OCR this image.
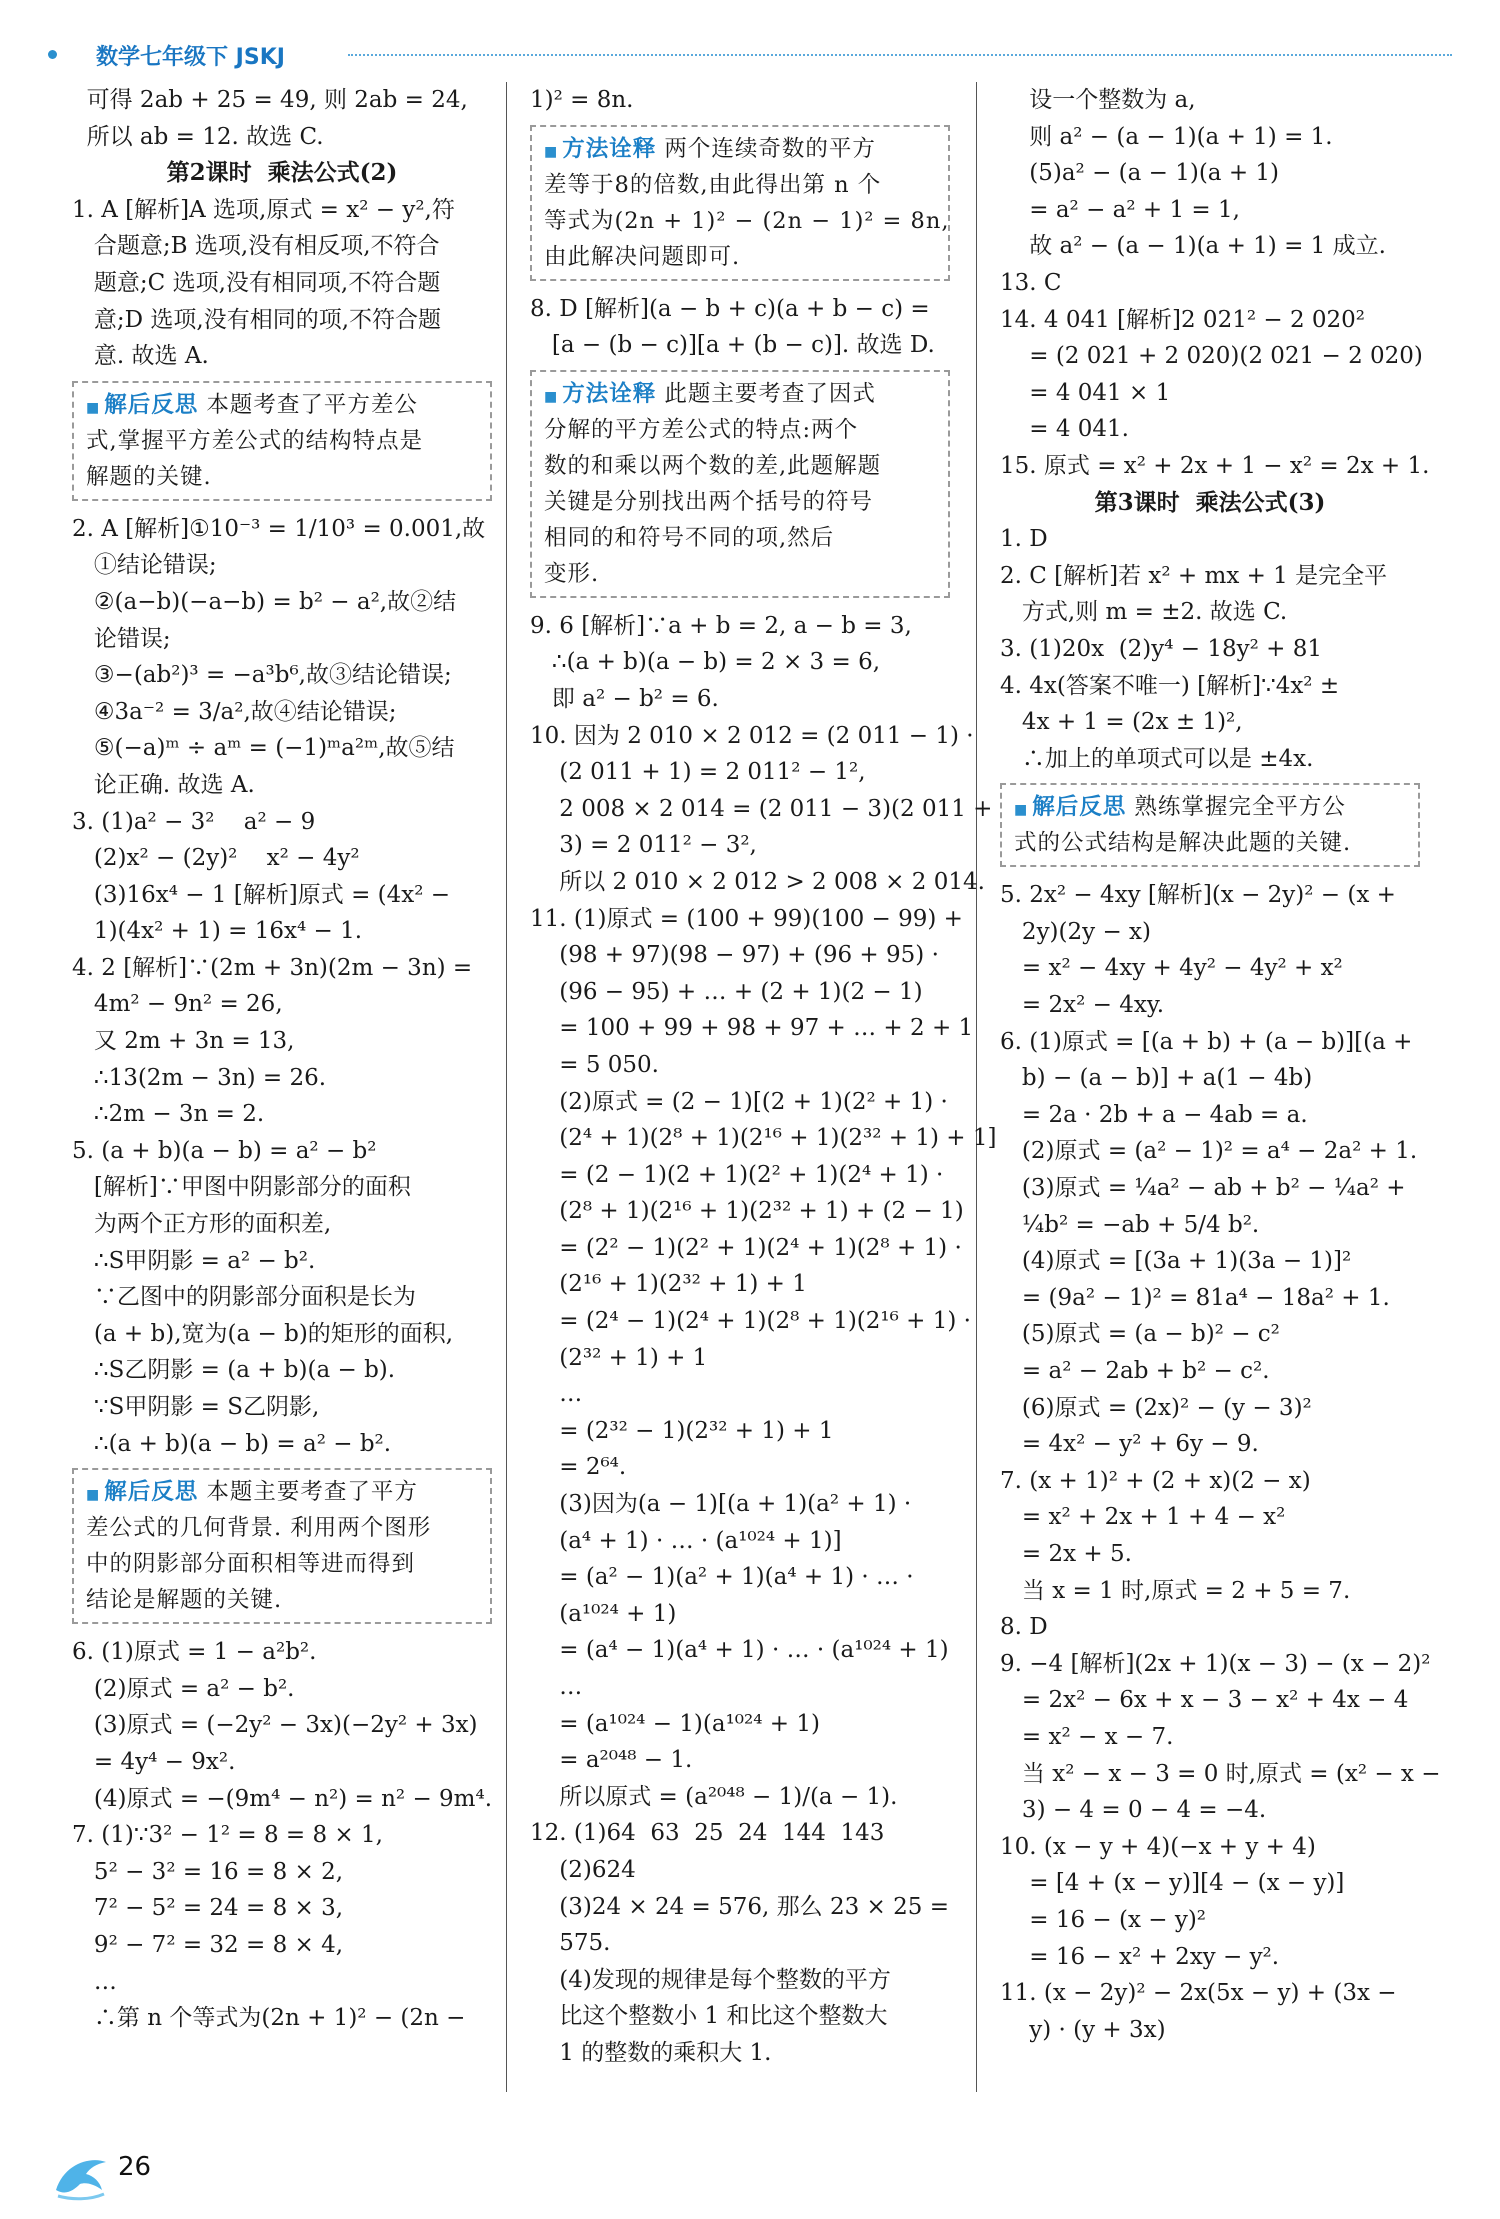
数学七年级下 JSKJ
可得 2ab + 25 = 49, 则 2ab = 24,
所以 ab = 12. 故选 C.
第2课时  乘法公式(2)
1. A [解析]A 选项,原式 = x² − y²,符
合题意;B 选项,没有相反项,不符合
题意;C 选项,没有相同项,不符合题
意;D 选项,没有相同的项,不符合题
意. 故选 A.
■ 解后反思 本题考查了平方差公
式,掌握平方差公式的结构特点是
解题的关键.
2. A [解析]①10⁻³ = 1/10³ = 0.001,故
①结论错误;
②(a−b)(−a−b) = b² − a²,故②结
论错误;
③−(ab²)³ = −a³b⁶,故③结论错误;
④3a⁻² = 3/a²,故④结论错误;
⑤(−a)ᵐ ÷ aᵐ = (−1)ᵐa²ᵐ,故⑤结
论正确. 故选 A.
3. (1)a² − 3²    a² − 9
(2)x² − (2y)²    x² − 4y²
(3)16x⁴ − 1 [解析]原式 = (4x² −
1)(4x² + 1) = 16x⁴ − 1.
4. 2 [解析]∵(2m + 3n)(2m − 3n) =
4m² − 9n² = 26,
又 2m + 3n = 13,
∴13(2m − 3n) = 26.
∴2m − 3n = 2.
5. (a + b)(a − b) = a² − b²
[解析]∵甲图中阴影部分的面积
为两个正方形的面积差,
∴S甲阴影 = a² − b².
∵乙图中的阴影部分面积是长为
(a + b),宽为(a − b)的矩形的面积,
∴S乙阴影 = (a + b)(a − b).
∵S甲阴影 = S乙阴影,
∴(a + b)(a − b) = a² − b².
■ 解后反思 本题主要考查了平方
差公式的几何背景. 利用两个图形
中的阴影部分面积相等进而得到
结论是解题的关键.
6. (1)原式 = 1 − a²b².
(2)原式 = a² − b².
(3)原式 = (−2y² − 3x)(−2y² + 3x)
= 4y⁴ − 9x².
(4)原式 = −(9m⁴ − n²) = n² − 9m⁴.
7. (1)∵3² − 1² = 8 = 8 × 1,
5² − 3² = 16 = 8 × 2,
7² − 5² = 24 = 8 × 3,
9² − 7² = 32 = 8 × 4,
…
∴第 n 个等式为(2n + 1)² − (2n −
1)² = 8n.
■ 方法诠释 两个连续奇数的平方
差等于8的倍数,由此得出第 n 个
等式为(2n + 1)² − (2n − 1)² = 8n,
由此解决问题即可.
8. D [解析](a − b + c)(a + b − c) =
[a − (b − c)][a + (b − c)]. 故选 D.
■ 方法诠释 此题主要考查了因式
分解的平方差公式的特点:两个
数的和乘以两个数的差,此题解题
关键是分别找出两个括号的符号
相同的和符号不同的项,然后
变形.
9. 6 [解析]∵a + b = 2, a − b = 3,
∴(a + b)(a − b) = 2 × 3 = 6,
即 a² − b² = 6.
10. 因为 2 010 × 2 012 = (2 011 − 1) ·
(2 011 + 1) = 2 011² − 1²,
2 008 × 2 014 = (2 011 − 3)(2 011 +
3) = 2 011² − 3²,
所以 2 010 × 2 012 > 2 008 × 2 014.
11. (1)原式 = (100 + 99)(100 − 99) +
(98 + 97)(98 − 97) + (96 + 95) ·
(96 − 95) + … + (2 + 1)(2 − 1)
= 100 + 99 + 98 + 97 + … + 2 + 1
= 5 050.
(2)原式 = (2 − 1)[(2 + 1)(2² + 1) ·
(2⁴ + 1)(2⁸ + 1)(2¹⁶ + 1)(2³² + 1) + 1]
= (2 − 1)(2 + 1)(2² + 1)(2⁴ + 1) ·
(2⁸ + 1)(2¹⁶ + 1)(2³² + 1) + (2 − 1)
= (2² − 1)(2² + 1)(2⁴ + 1)(2⁸ + 1) ·
(2¹⁶ + 1)(2³² + 1) + 1
= (2⁴ − 1)(2⁴ + 1)(2⁸ + 1)(2¹⁶ + 1) ·
(2³² + 1) + 1
…
= (2³² − 1)(2³² + 1) + 1
= 2⁶⁴.
(3)因为(a − 1)[(a + 1)(a² + 1) ·
(a⁴ + 1) · … · (a¹⁰²⁴ + 1)]
= (a² − 1)(a² + 1)(a⁴ + 1) · … ·
(a¹⁰²⁴ + 1)
= (a⁴ − 1)(a⁴ + 1) · … · (a¹⁰²⁴ + 1)
…
= (a¹⁰²⁴ − 1)(a¹⁰²⁴ + 1)
= a²⁰⁴⁸ − 1.
所以原式 = (a²⁰⁴⁸ − 1)/(a − 1).
12. (1)64  63  25  24  144  143
(2)624
(3)24 × 24 = 576, 那么 23 × 25 =
575.
(4)发现的规律是每个整数的平方
比这个整数小 1 和比这个整数大
1 的整数的乘积大 1.
设一个整数为 a,
则 a² − (a − 1)(a + 1) = 1.
(5)a² − (a − 1)(a + 1)
= a² − a² + 1 = 1,
故 a² − (a − 1)(a + 1) = 1 成立.
13. C
14. 4 041 [解析]2 021² − 2 020²
= (2 021 + 2 020)(2 021 − 2 020)
= 4 041 × 1
= 4 041.
15. 原式 = x² + 2x + 1 − x² = 2x + 1.
第3课时  乘法公式(3)
1. D
2. C [解析]若 x² + mx + 1 是完全平
方式,则 m = ±2. 故选 C.
3. (1)20x  (2)y⁴ − 18y² + 81
4. 4x(答案不唯一) [解析]∵4x² ±
4x + 1 = (2x ± 1)²,
∴加上的单项式可以是 ±4x.
■ 解后反思 熟练掌握完全平方公
式的公式结构是解决此题的关键.
5. 2x² − 4xy [解析](x − 2y)² − (x +
2y)(2y − x)
= x² − 4xy + 4y² − 4y² + x²
= 2x² − 4xy.
6. (1)原式 = [(a + b) + (a − b)][(a +
b) − (a − b)] + a(1 − 4b)
= 2a · 2b + a − 4ab = a.
(2)原式 = (a² − 1)² = a⁴ − 2a² + 1.
(3)原式 = ¼a² − ab + b² − ¼a² +
¼b² = −ab + 5/4 b².
(4)原式 = [(3a + 1)(3a − 1)]²
= (9a² − 1)² = 81a⁴ − 18a² + 1.
(5)原式 = (a − b)² − c²
= a² − 2ab + b² − c².
(6)原式 = (2x)² − (y − 3)²
= 4x² − y² + 6y − 9.
7. (x + 1)² + (2 + x)(2 − x)
= x² + 2x + 1 + 4 − x²
= 2x + 5.
当 x = 1 时,原式 = 2 + 5 = 7.
8. D
9. −4 [解析](2x + 1)(x − 3) − (x − 2)²
= 2x² − 6x + x − 3 − x² + 4x − 4
= x² − x − 7.
当 x² − x − 3 = 0 时,原式 = (x² − x −
3) − 4 = 0 − 4 = −4.
10. (x − y + 4)(−x + y + 4)
= [4 + (x − y)][4 − (x − y)]
= 16 − (x − y)²
= 16 − x² + 2xy − y².
11. (x − 2y)² − 2x(5x − y) + (3x −
y) · (y + 3x)
26
